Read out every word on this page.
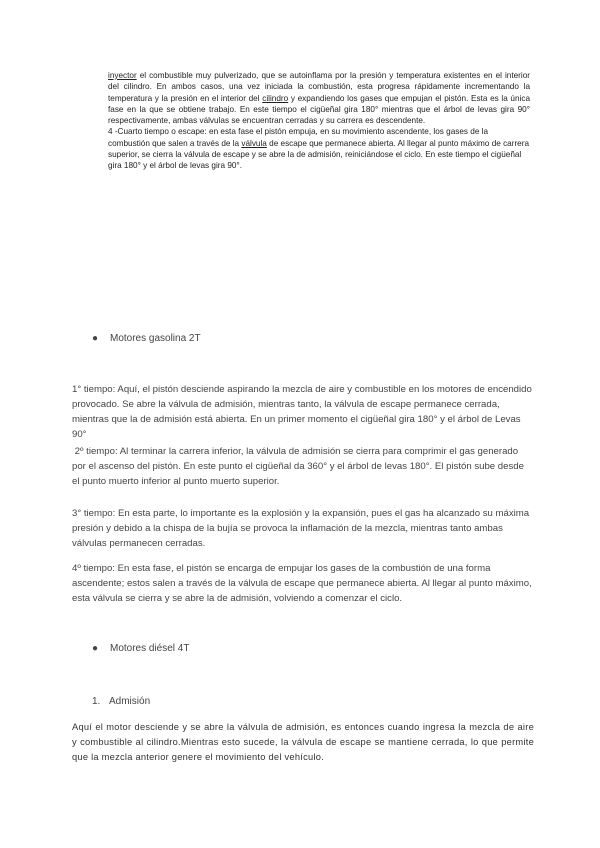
inyector el combustible muy pulverizado, que se autoinflama por la presión y temperatura existentes en el interior del cilindro. En ambos casos, una vez iniciada la combustión, esta progresa rápidamente incrementando la temperatura y la presión en el interior del cilindro y expandiendo los gases que empujan el pistón. Esta es la única fase en la que se obtiene trabajo. En este tiempo el cigüeñal gira 180° mientras que el árbol de levas gira 90° respectivamente, ambas válvulas se encuentran cerradas y su carrera es descendente.

4 -Cuarto tiempo o escape: en esta fase el pistón empuja, en su movimiento ascendente, los gases de la combustión que salen a través de la válvula de escape que permanece abierta. Al llegar al punto máximo de carrera superior, se cierra la válvula de escape y se abre la de admisión, reiniciándose el ciclo. En este tiempo el cigüeñal gira 180° y el árbol de levas gira 90°.

● Motores gasolina 2T

1° tiempo: Aquí, el pistón desciende aspirando la mezcla de aire y combustible en los motores de encendido provocado. Se abre la válvula de admisión, mientras tanto, la válvula de escape permanece cerrada, mientras que la de admisión está abierta. En un primer momento el cigüeñal gira 180° y el árbol de Levas 90°

2º tiempo: Al terminar la carrera inferior, la válvula de admisión se cierra para comprimir el gas generado por el ascenso del pistón. En este punto el cigüeñal da 360° y el árbol de levas 180°. El pistón sube desde el punto muerto inferior al punto muerto superior.

3° tiempo: En esta parte, lo importante es la explosión y la expansión, pues el gas ha alcanzado su máxima presión y debido a la chispa de la bujía se provoca la inflamación de la mezcla, mientras tanto ambas válvulas permanecen cerradas.

4º tiempo: En esta fase, el pistón se encarga de empujar los gases de la combustión de una forma ascendente; estos salen a través de la válvula de escape que permanece abierta. Al llegar al punto máximo, esta válvula se cierra y se abre la de admisión, volviendo a comenzar el ciclo.

● Motores diésel 4T
1. Admisión
Aquí el motor desciende y se abre la válvula de admisión, es entonces cuando ingresa la mezcla de aire y combustible al cilindro.Mientras esto sucede, la válvula de escape se mantiene cerrada, lo que permite que la mezcla anterior genere el movimiento del vehículo.
